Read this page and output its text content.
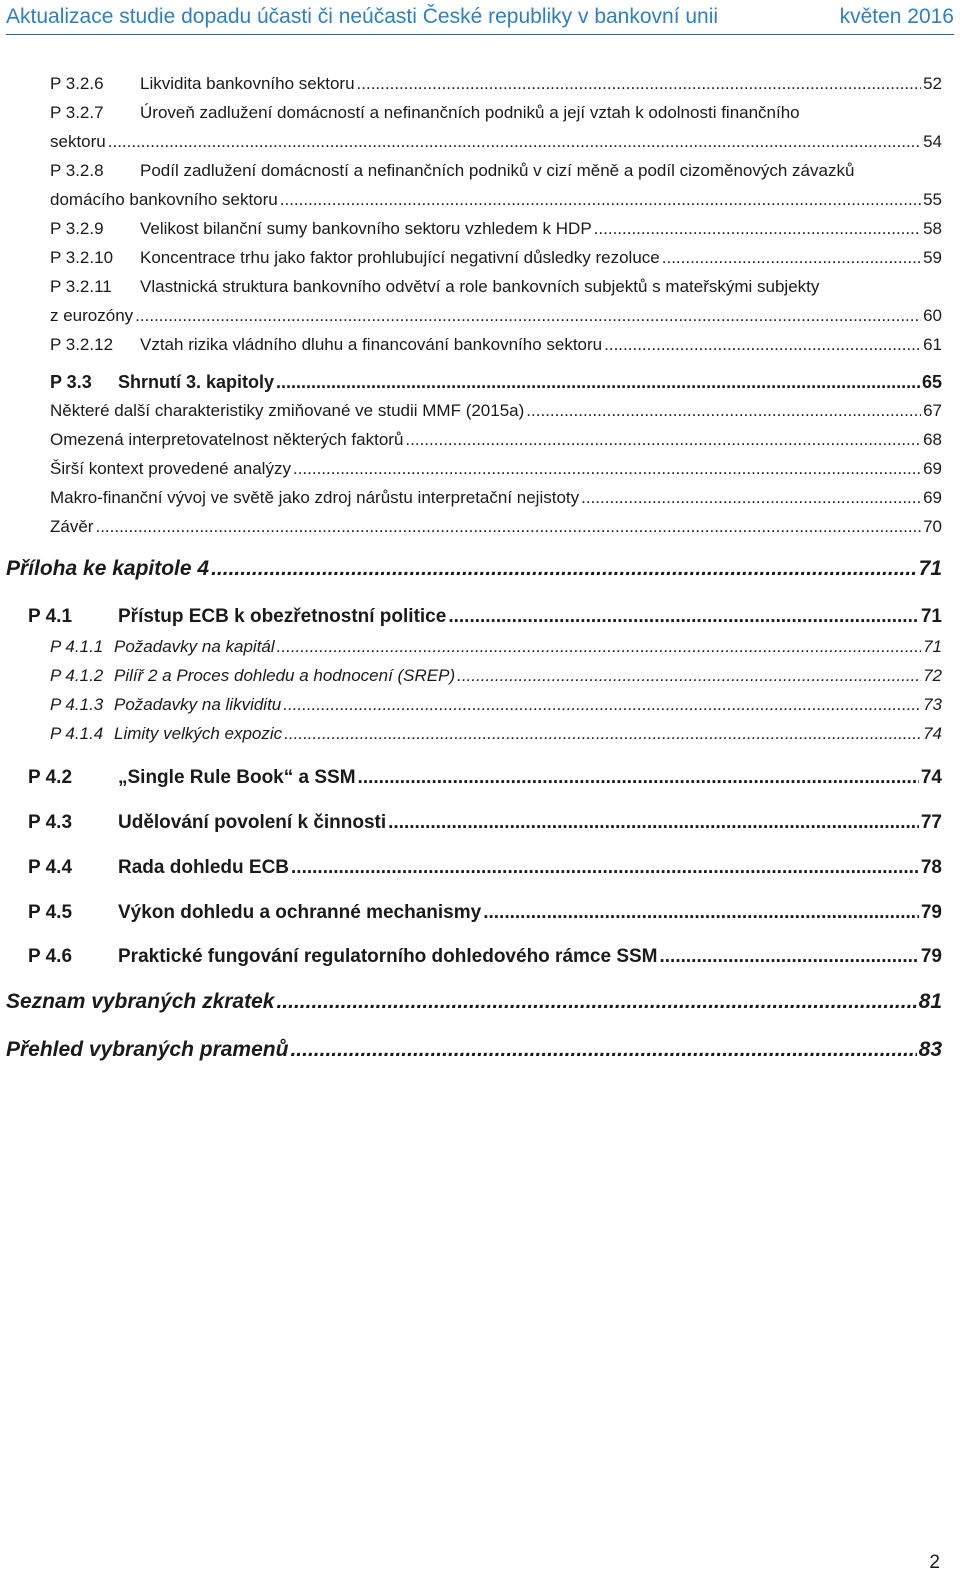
Aktualizace studie dopadu účasti či neúčasti České republiky v bankovní unii	květen 2016
P 3.2.6	Likvidita bankovního sektoru .....	52
P 3.2.7 Úroveň zadlužení domácností a nefinančních podniků a její vztah k odolnosti finančního
sektoru .....	54
P 3.2.8 Podíl zadlužení domácností a nefinančních podniků v cizí měně a podíl cizoměnových závazků
domácího bankovního sektoru .....	55
P 3.2.9	Velikost bilanční sumy bankovního sektoru vzhledem k HDP .....	58
P 3.2.10	Koncentrace trhu jako faktor prohlubující negativní důsledky rezoluce .....	59
P 3.2.11 Vlastnická struktura bankovního odvětví a role bankovních subjektů s mateřskými subjekty
z eurozóny .....	60
P 3.2.12	Vztah rizika vládního dluhu a financování bankovního sektoru .....	61
P 3.3	Shrnutí 3. kapitoly .....	65
Některé další charakteristiky zmiňované ve studii MMF (2015a) .....	67
Omezená interpretovatelnost některých faktorů .....	68
Širší kontext provedené analýzy .....	69
Makro-finanční vývoj ve světě jako zdroj nárůstu interpretační nejistoty .....	69
Závěr .....	70
Příloha ke kapitole 4 .....	71
P 4.1	Přístup ECB k obezřetnostní politice .....	71
P 4.1.1 Požadavky na kapitál .....	71
P 4.1.2 Pilíř 2 a Proces dohledu a hodnocení (SREP) .....	72
P 4.1.3 Požadavky na likviditu .....	73
P 4.1.4 Limity velkých expozic .....	74
P 4.2	„Single Rule Book“ a SSM .....	74
P 4.3	Udělování povolení k činnosti .....	77
P 4.4	Rada dohledu ECB .....	78
P 4.5	Výkon dohledu a ochranné mechanismy .....	79
P 4.6	Praktické fungování regulatorního dohledového rámce SSM .....	79
Seznam vybraných zkratek .....	81
Přehled vybraných pramenů .....	83
2
